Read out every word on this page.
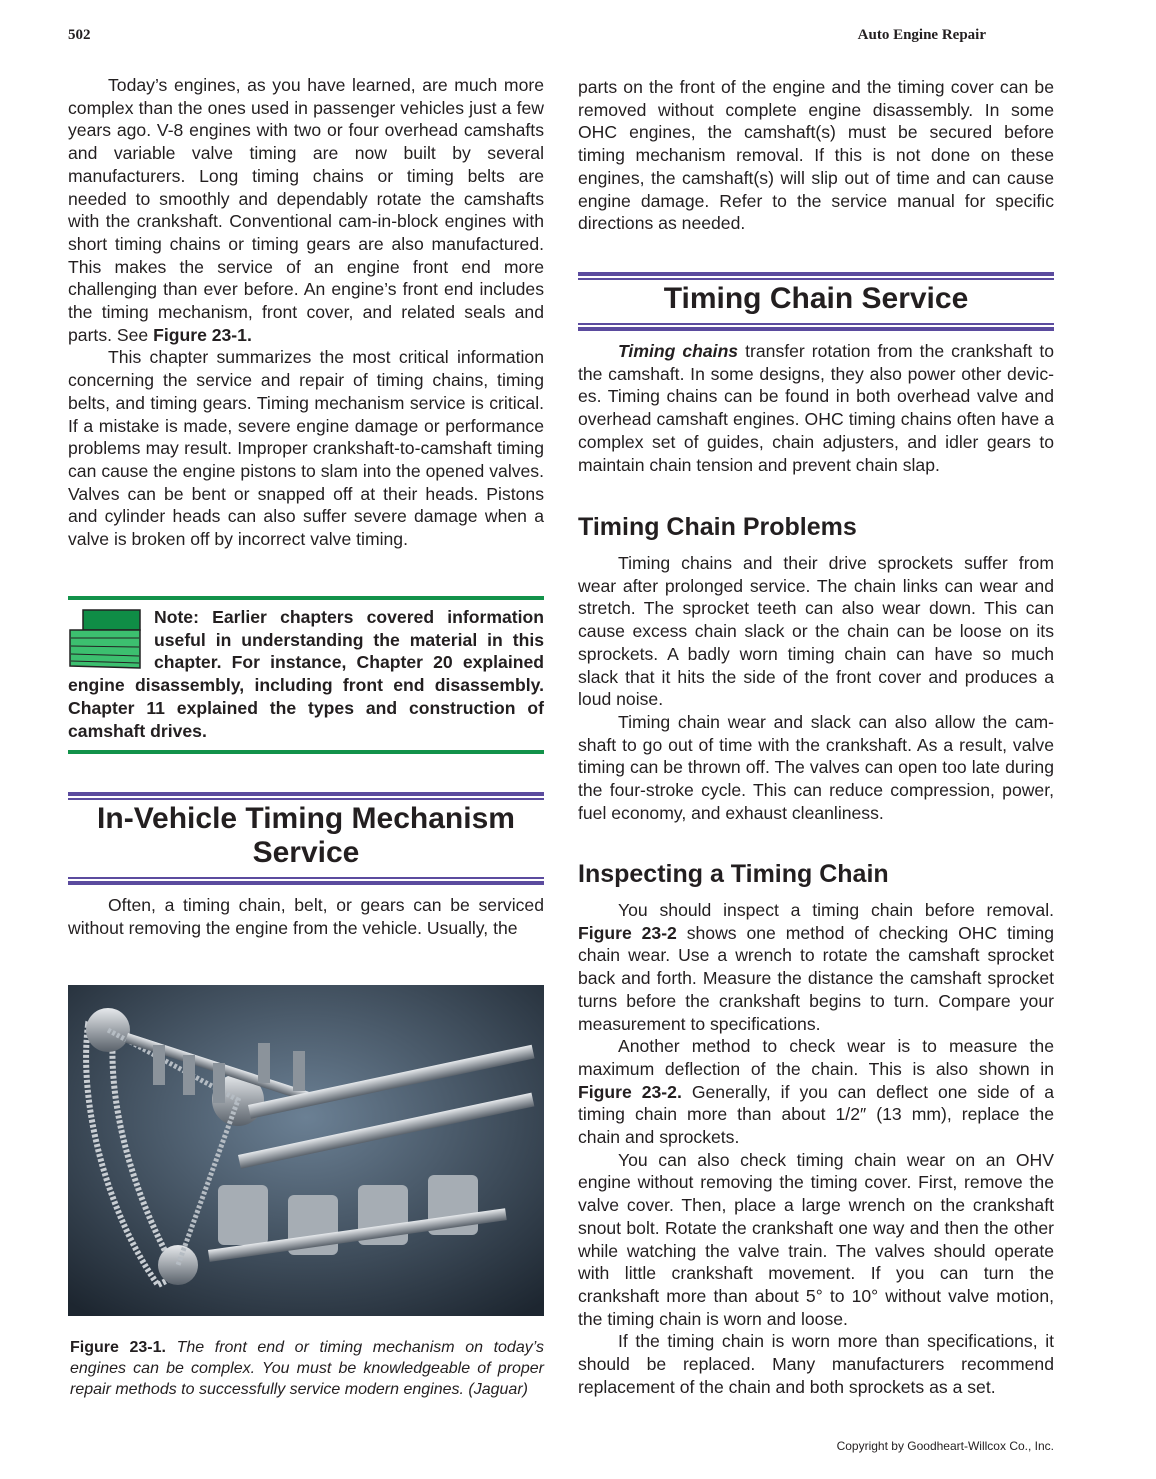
502	Auto Engine Repair

Today’s engines, as you have learned, are much more complex than the ones used in passenger vehicles just a few years ago. V-8 engines with two or four overhead camshafts and variable valve timing are now built by several manufacturers. Long timing chains or timing belts are needed to smoothly and dependably rotate the camshafts with the crankshaft. Conventional cam-in-block engines with short timing chains or timing gears are also manufactured. This makes the service of an engine front end more challenging than ever before. An engine’s front end includes the timing mechanism, front cover, and related seals and parts. See Figure 23-1.

This chapter summarizes the most critical information concerning the service and repair of timing chains, timing belts, and timing gears. Timing mechanism service is critical. If a mistake is made, severe engine damage or performance problems may result. Improper crankshaft-to-camshaft timing can cause the engine pistons to slam into the opened valves. Valves can be bent or snapped off at their heads. Pistons and cylinder heads can also suffer severe damage when a valve is broken off by incorrect valve timing.

Note: Earlier chapters covered information useful in understanding the material in this chapter. For instance, Chapter 20 explained engine disassembly, including front end disassembly. Chapter 11 explained the types and construction of camshaft drives.
In-Vehicle Timing Mechanism Service

Often, a timing chain, belt, or gears can be serviced without removing the engine from the vehicle. Usually, the

Figure 23-1. The front end or timing mechanism on today’s engines can be complex. You must be knowledgeable of proper repair methods to successfully service modern engines. (Jaguar)

parts on the front of the engine and the timing cover can be removed without complete engine disassembly. In some OHC engines, the camshaft(s) must be secured before timing mechanism removal. If this is not done on these engines, the camshaft(s) will slip out of time and can cause engine damage. Refer to the service manual for specific directions as needed.

Timing Chain Service

Timing chains transfer rotation from the crankshaft to the camshaft. In some designs, they also power other devices. Timing chains can be found in both overhead valve and overhead camshaft engines. OHC timing chains often have a complex set of guides, chain adjusters, and idler gears to maintain chain tension and prevent chain slap.

Timing Chain Problems

Timing chains and their drive sprockets suffer from wear after prolonged service. The chain links can wear and stretch. The sprocket teeth can also wear down. This can cause excess chain slack or the chain can be loose on its sprockets. A badly worn timing chain can have so much slack that it hits the side of the front cover and produces a loud noise.

Timing chain wear and slack can also allow the camshaft to go out of time with the crankshaft. As a result, valve timing can be thrown off. The valves can open too late during the four-stroke cycle. This can reduce compression, power, fuel economy, and exhaust cleanliness.

Inspecting a Timing Chain

You should inspect a timing chain before removal. Figure 23-2 shows one method of checking OHC timing chain wear. Use a wrench to rotate the camshaft sprocket back and forth. Measure the distance the camshaft sprocket turns before the crankshaft begins to turn. Compare your measurement to specifications.

Another method to check wear is to measure the maximum deflection of the chain. This is also shown in Figure 23-2. Generally, if you can deflect one side of a timing chain more than about 1/2″ (13 mm), replace the chain and sprockets.

You can also check timing chain wear on an OHV engine without removing the timing cover. First, remove the valve cover. Then, place a large wrench on the crankshaft snout bolt. Rotate the crankshaft one way and then the other while watching the valve train. The valves should operate with little crankshaft movement. If you can turn the crankshaft more than about 5° to 10° without valve motion, the timing chain is worn and loose.

If the timing chain is worn more than specifications, it should be replaced. Many manufacturers recommend replacement of the chain and both sprockets as a set.

Copyright by Goodheart-Willcox Co., Inc.
